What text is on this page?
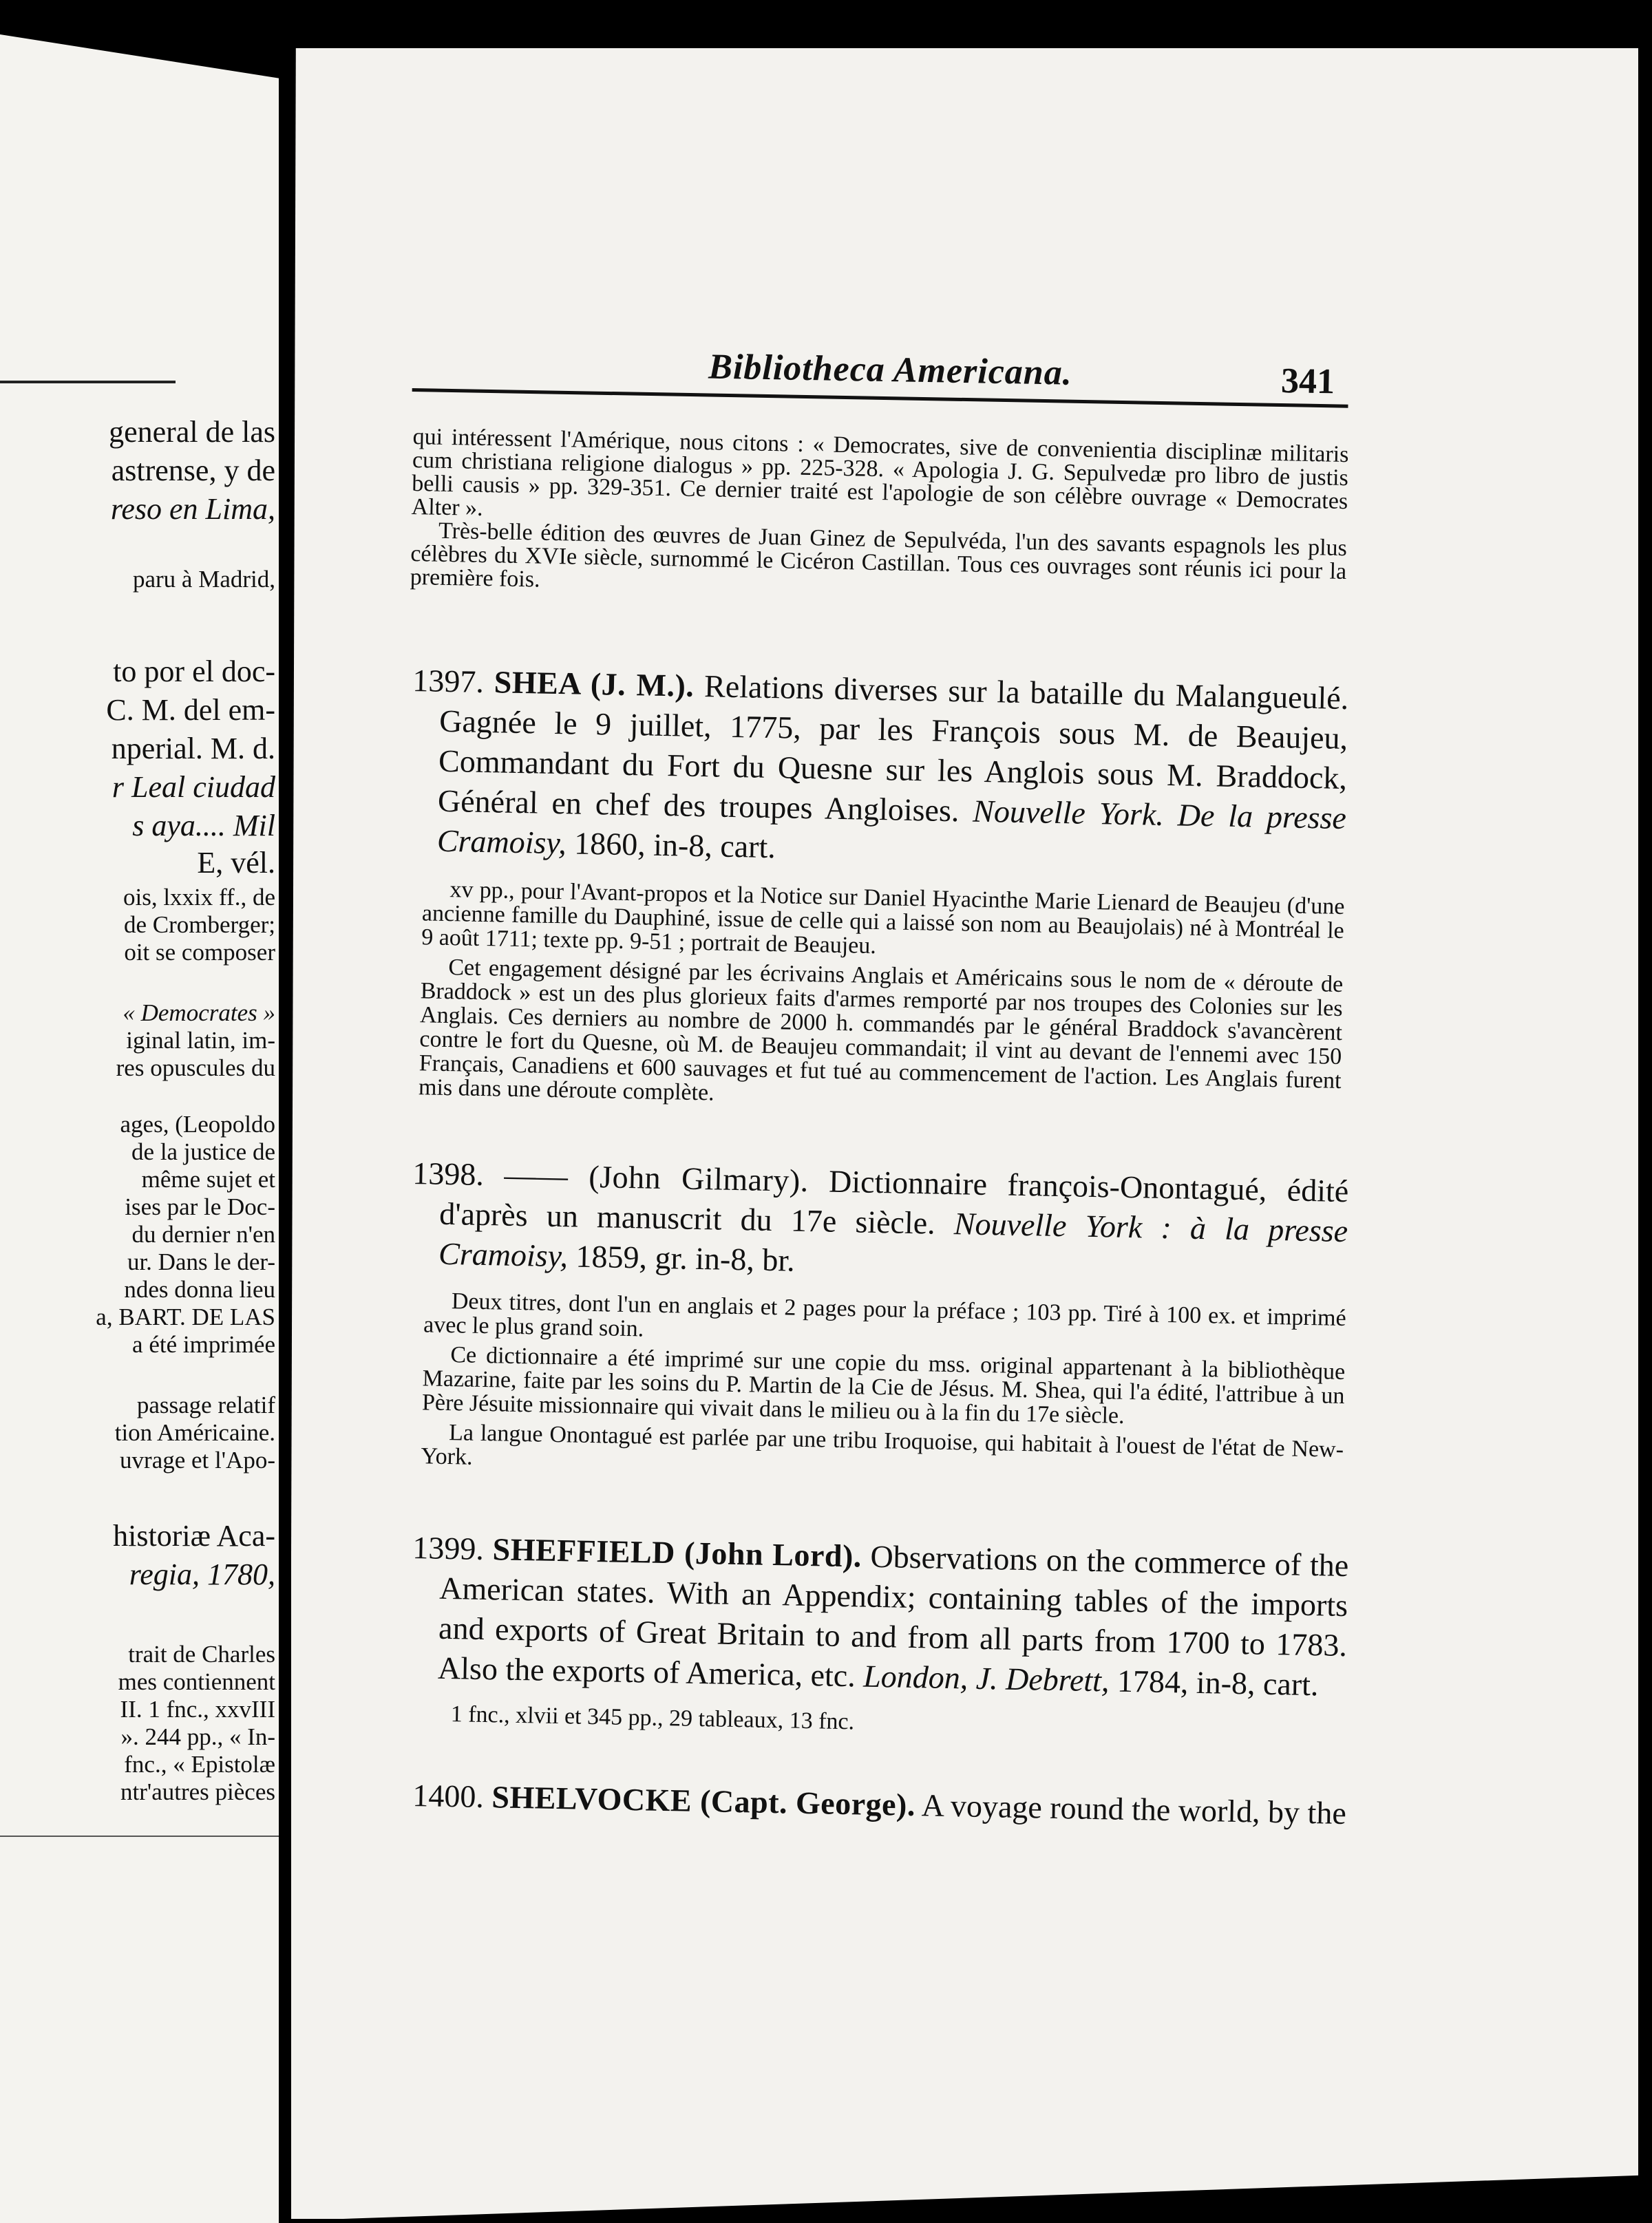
general de las
astrense, y de
reso en Lima,
paru à Madrid,
to por el doc-
C. M. del em-
nperial. M. d.
r Leal ciudad
s aya.... Mil
E, vél.
ois, lxxix ff., de
de Cromberger;
oit se composer
« Democrates »
iginal latin, im-
res opuscules du
ages, (Leopoldo
de la justice de
même sujet et
ises par le Doc-
du dernier n'en
ur. Dans le der-
ndes donna lieu
a, BART. DE LAS
a été imprimée
passage relatif
tion Américaine.
uvrage et l'Apo-
historiæ Aca-
regia, 1780,
trait de Charles
mes contiennent
II. 1 fnc., xxvIII
». 244 pp., « In-
fnc., « Epistolæ
ntr'autres pièces
Bibliotheca Americana.	341

qui intéressent l'Amérique, nous citons : « Democrates, sive de convenientia disciplinæ militaris cum christiana religione dialogus » pp. 225-328. « Apologia J. G. Sepulvedæ pro libro de justis belli causis » pp. 329-351. Ce dernier traité est l'apologie de son célèbre ouvrage « Democrates Alter ».

Très-belle édition des œuvres de Juan Ginez de Sepulvéda, l'un des savants espagnols les plus célèbres du XVIe siècle, surnommé le Cicéron Castillan. Tous ces ouvrages sont réunis ici pour la première fois.

1397. SHEA (J. M.). Relations diverses sur la bataille du Malangueulé. Gagnée le 9 juillet, 1775, par les François sous M. de Beaujeu, Commandant du Fort du Quesne sur les Anglois sous M. Braddock, Général en chef des troupes Angloises. Nouvelle York. De la presse Cramoisy, 1860, in-8, cart.

xv pp., pour l'Avant-propos et la Notice sur Daniel Hyacinthe Marie Lienard de Beaujeu (d'une ancienne famille du Dauphiné, issue de celle qui a laissé son nom au Beaujolais) né à Montréal le 9 août 1711; texte pp. 9-51 ; portrait de Beaujeu.

Cet engagement désigné par les écrivains Anglais et Américains sous le nom de « déroute de Braddock » est un des plus glorieux faits d'armes remporté par nos troupes des Colonies sur les Anglais. Ces derniers au nombre de 2000 h. commandés par le général Braddock s'avancèrent contre le fort du Quesne, où M. de Beaujeu commandait; il vint au devant de l'ennemi avec 150 Français, Canadiens et 600 sauvages et fut tué au commencement de l'action. Les Anglais furent mis dans une déroute complète.

1398. —— (John Gilmary). Dictionnaire françois-Onontagué, édité d'après un manuscrit du 17e siècle. Nouvelle York : à la presse Cramoisy, 1859, gr. in-8, br.

Deux titres, dont l'un en anglais et 2 pages pour la préface ; 103 pp. Tiré à 100 ex. et imprimé avec le plus grand soin.

Ce dictionnaire a été imprimé sur une copie du mss. original appartenant à la bibliothèque Mazarine, faite par les soins du P. Martin de la Cie de Jésus. M. Shea, qui l'a édité, l'attribue à un Père Jésuite missionnaire qui vivait dans le milieu ou à la fin du 17e siècle.

La langue Onontagué est parlée par une tribu Iroquoise, qui habitait à l'ouest de l'état de New-York.

1399. SHEFFIELD (John Lord). Observations on the commerce of the American states. With an Appendix; containing tables of the imports and exports of Great Britain to and from all parts from 1700 to 1783. Also the exports of America, etc. London, J. Debrett, 1784, in-8, cart.

1 fnc., xlvii et 345 pp., 29 tableaux, 13 fnc.

1400. SHELVOCKE (Capt. George). A voyage round the world, by the
